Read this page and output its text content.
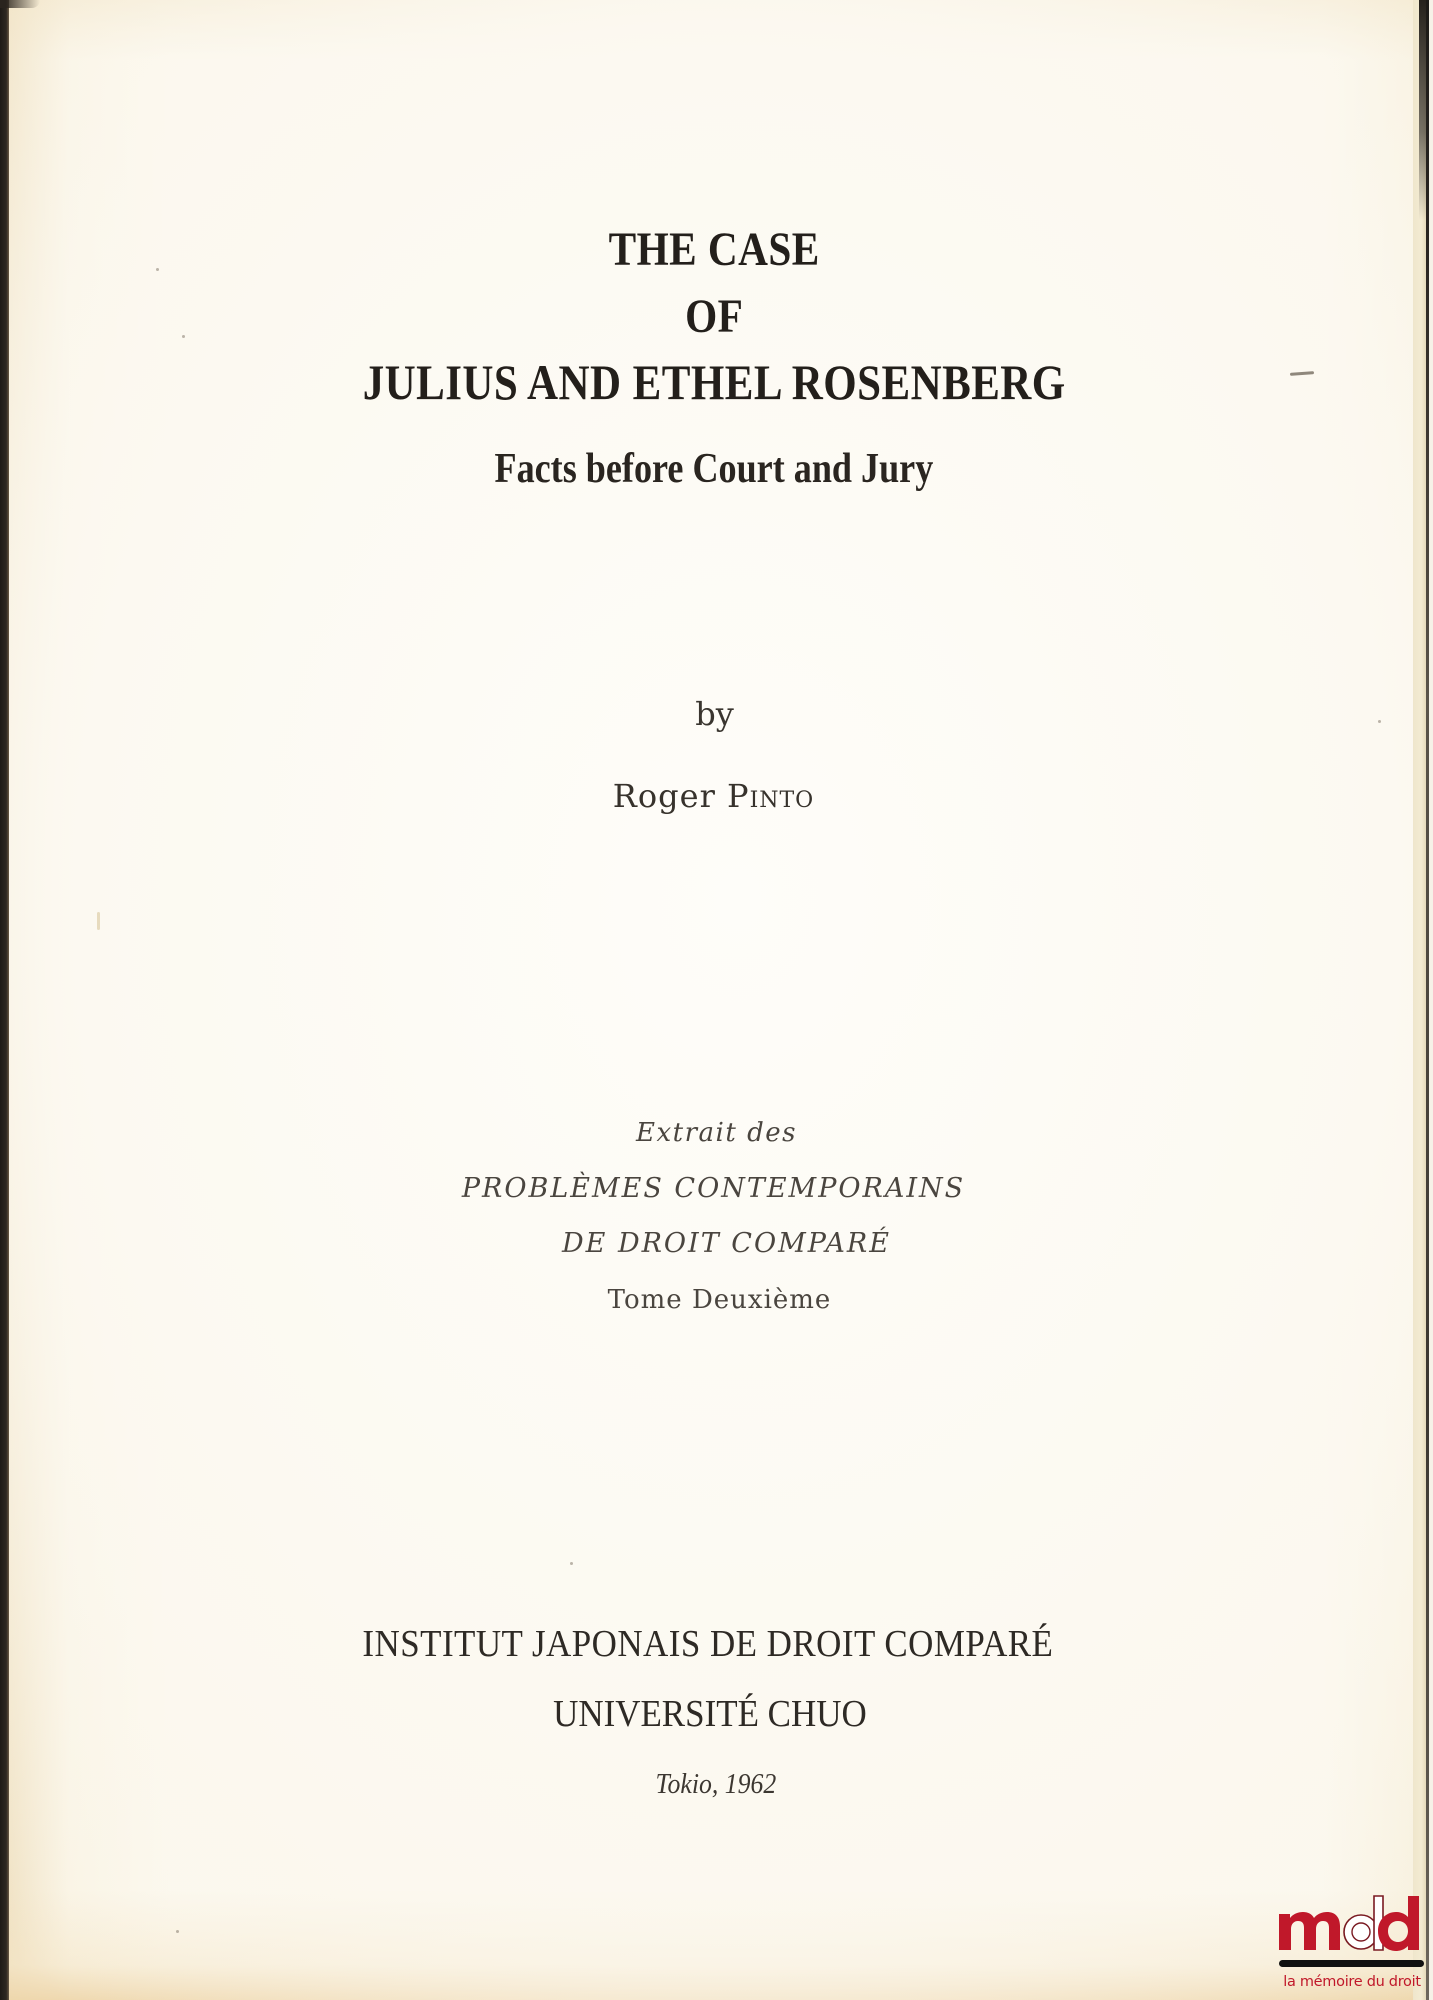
THE CASE
OF
JULIUS AND ETHEL ROSENBERG
Facts before Court and Jury
by
Roger Pinto
Extrait des
PROBLÈMES CONTEMPORAINS
DE DROIT COMPARÉ
Tome Deuxième
INSTITUT JAPONAIS DE DROIT COMPARÉ
UNIVERSITÉ CHUO
Tokio, 1962
la mémoire du droit
